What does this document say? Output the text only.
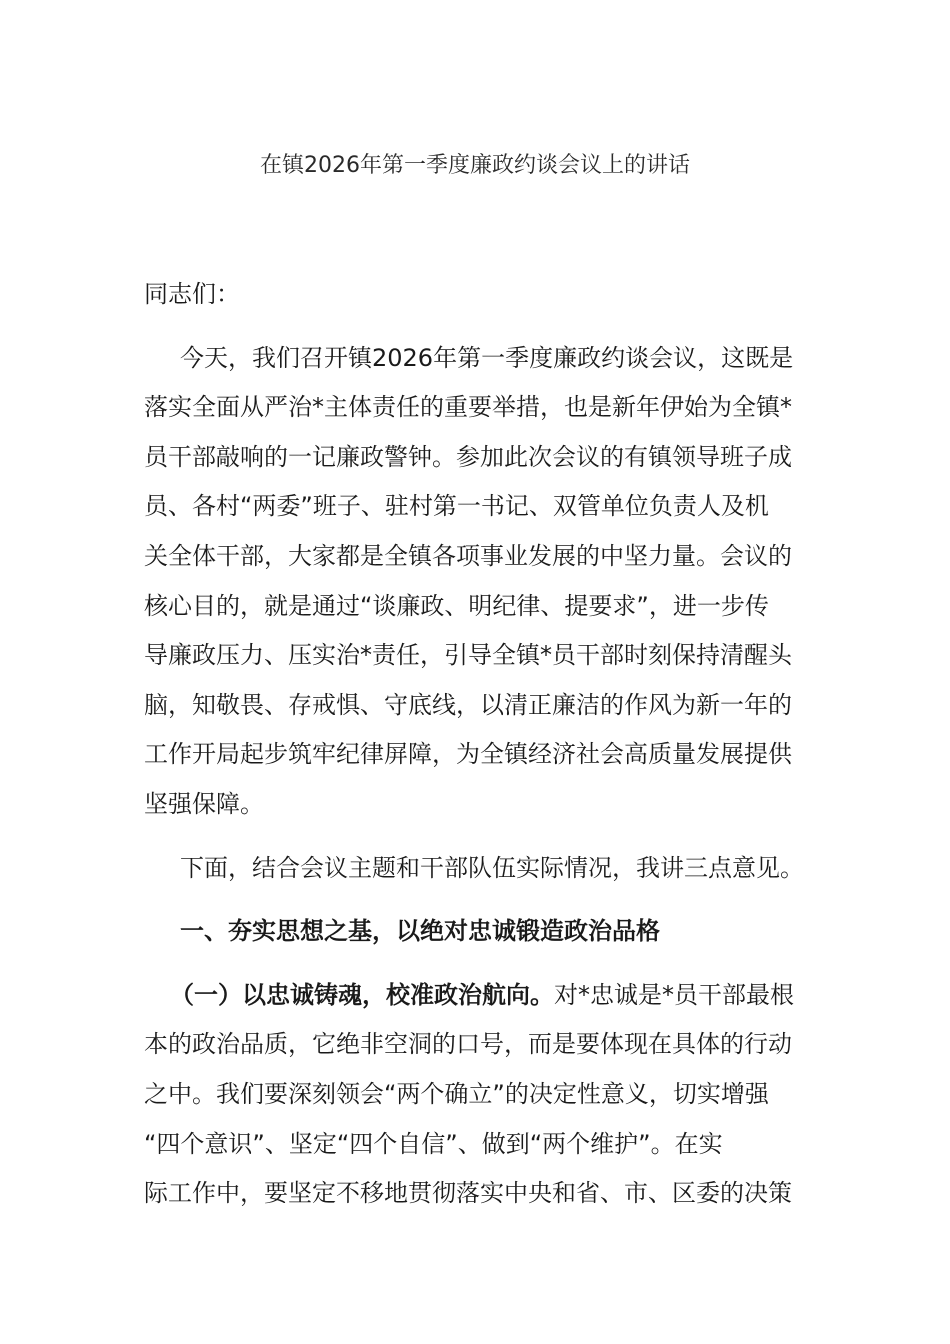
在镇2026年第一季度廉政约谈会议上的讲话

同志们：

今天，我们召开镇2026年第一季度廉政约谈会议，这既是
落实全面从严治*主体责任的重要举措，也是新年伊始为全镇*
员干部敲响的一记廉政警钟。参加此次会议的有镇领导班子成
员、各村“两委”班子、驻村第一书记、双管单位负责人及机
关全体干部，大家都是全镇各项事业发展的中坚力量。会议的
核心目的，就是通过“谈廉政、明纪律、提要求”，进一步传
导廉政压力、压实治*责任，引导全镇*员干部时刻保持清醒头
脑，知敬畏、存戒惧、守底线，以清正廉洁的作风为新一年的
工作开局起步筑牢纪律屏障，为全镇经济社会高质量发展提供
坚强保障。

下面，结合会议主题和干部队伍实际情况，我讲三点意见。

一、夯实思想之基，以绝对忠诚锻造政治品格

（一）以忠诚铸魂，校准政治航向。对*忠诚是*员干部最根
本的政治品质，它绝非空洞的口号，而是要体现在具体的行动
之中。我们要深刻领会“两个确立”的决定性意义，切实增强
“四个意识”、坚定“四个自信”、做到“两个维护”。在实
际工作中，要坚定不移地贯彻落实中央和省、市、区委的决策
